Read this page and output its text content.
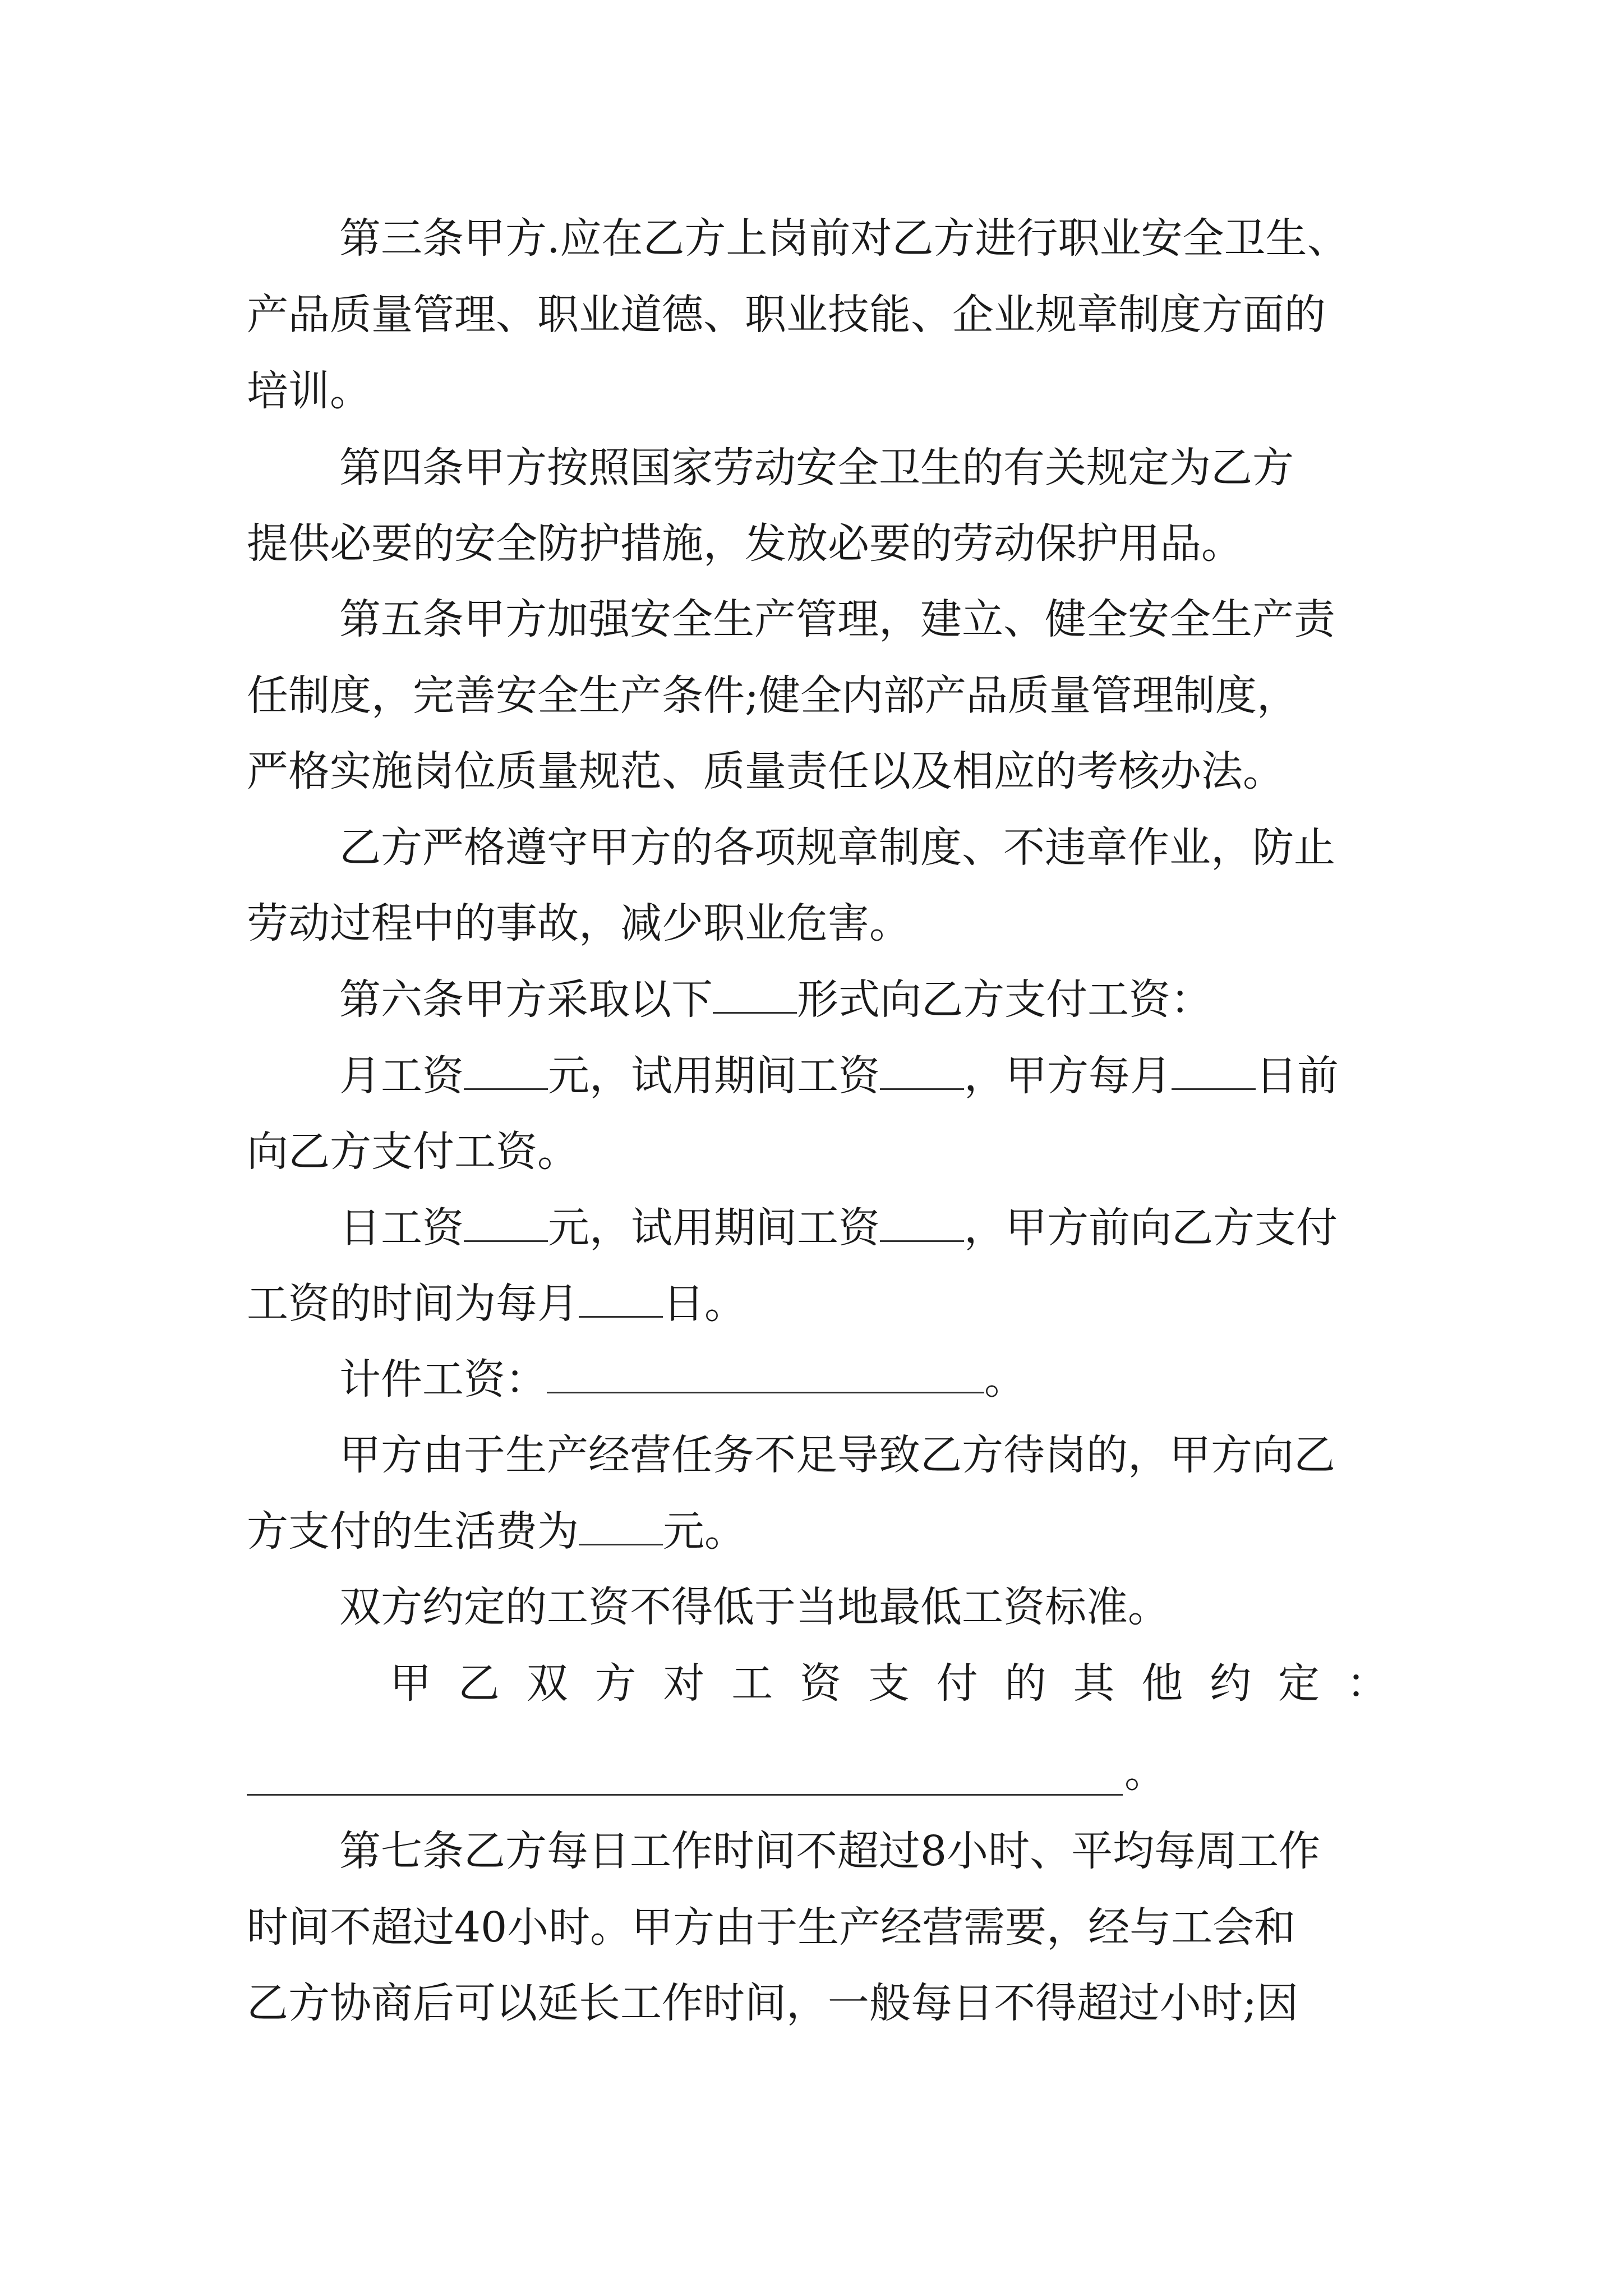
第三条甲方.应在乙方上岗前对乙方进行职业安全卫生、
产品质量管理、职业道德、职业技能、企业规章制度方面的
培训。
第四条甲方按照国家劳动安全卫生的有关规定为乙方
提供必要的安全防护措施，发放必要的劳动保护用品。
第五条甲方加强安全生产管理，建立、健全安全生产责
任制度，完善安全生产条件;健全内部产品质量管理制度，
严格实施岗位质量规范、质量责任以及相应的考核办法。
乙方严格遵守甲方的各项规章制度、不违章作业，防止
劳动过程中的事故，减少职业危害。
第六条甲方采取以下 形式向乙方支付工资：
月工资 元，试用期间工资 ，甲方每月 日前
向乙方支付工资。
日工资 元，试用期间工资 ，甲方前向乙方支付
工资的时间为每月 日。
计件工资：	。
甲方由于生产经营任务不足导致乙方待岗的，甲方向乙
方支付的生活费为 元。
双方约定的工资不得低于当地最低工资标准。
甲 乙 双 方 对 工 资 支 付 的 其 他 约 定 ：
。
第七条乙方每日工作时间不超过8小时、平均每周工作
时间不超过40小时。甲方由于生产经营需要，经与工会和
乙方协商后可以延长工作时间，一般每日不得超过小时;因
